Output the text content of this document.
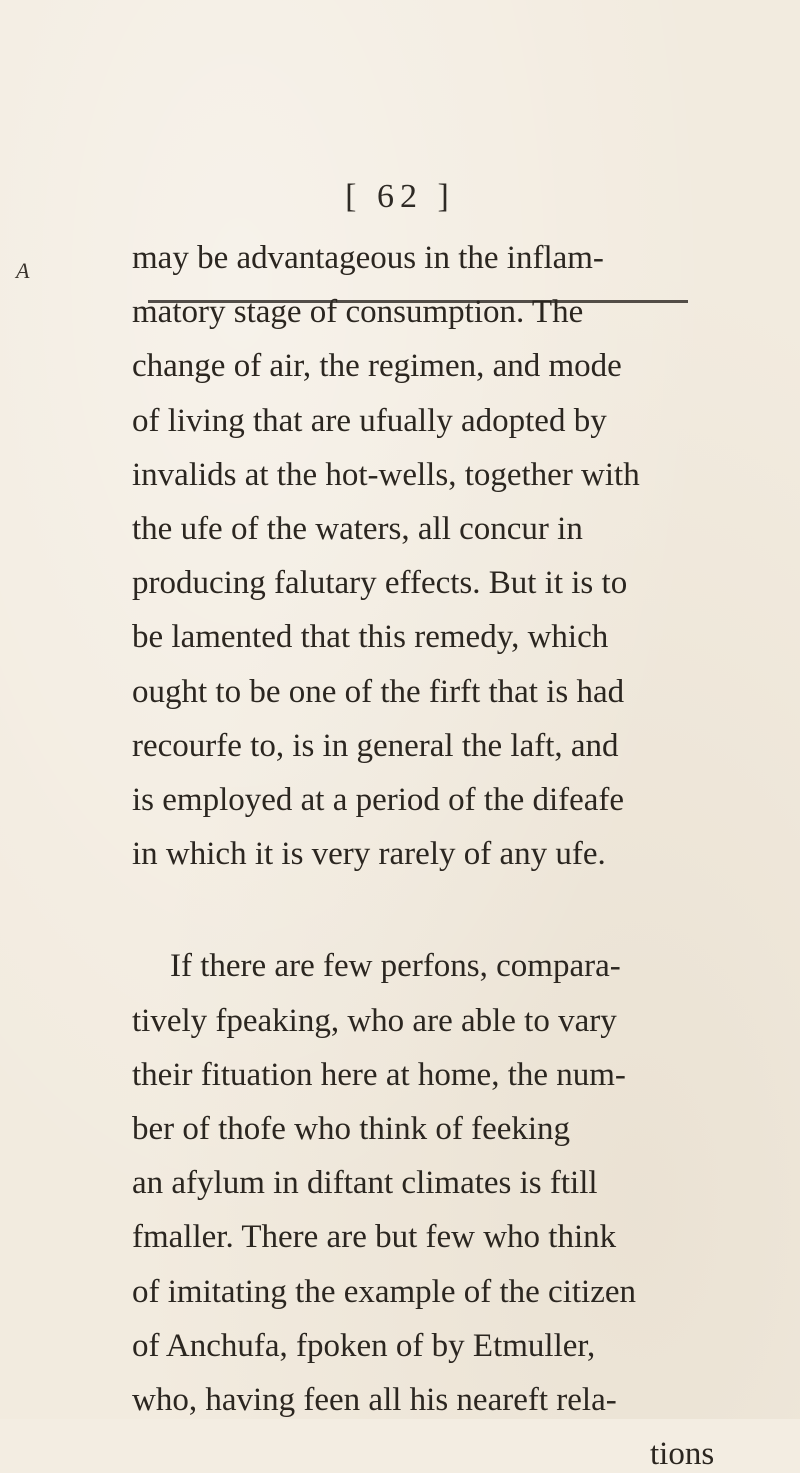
[ 62 ]
A	may be advantageous in the inflam-
matory stage of consumption. The
change of air, the regimen, and mode
of living that are ufually adopted by
invalids at the hot-wells, together with
the ufe of the waters, all concur in
producing falutary effects. But it is to
be lamented that this remedy, which
ought to be one of the firft that is had
recourfe to, is in general the laft, and
is employed at a period of the difeafe
in which it is very rarely of any ufe.
If there are few perfons, compara-
tively fpeaking, who are able to vary
their fituation here at home, the num-
ber of thofe who think of feeking
an afylum in diftant climates is ftill
fmaller. There are but few who think
of imitating the example of the citizen
of Anchufa, fpoken of by Etmuller,
who, having feen all his neareft rela-
tions
